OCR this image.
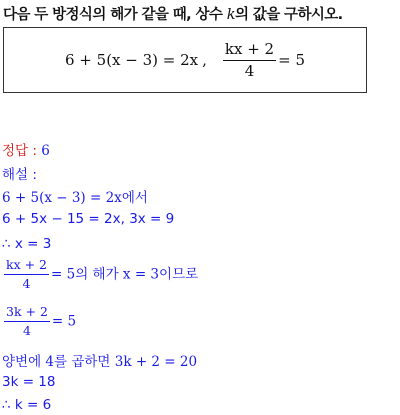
다음 두 방정식의 해가 같을 때, 상수 k의 값을 구하시오.
6 + 5(x − 3) = 2x , $\frac{kx + 2}{4} = 5$
정답 : 6
해설 :
6 + 5(x − 3) = 2x에서
6 + 5x − 15 = 2x, 3x = 9
∴ x = 3
$\frac{kx + 2}{4} = 5$의 해가 x = 3이므로
$\frac{3k + 2}{4} = 5$
양변에 4를 곱하면 3k + 2 = 20
3k = 18
∴ k = 6
